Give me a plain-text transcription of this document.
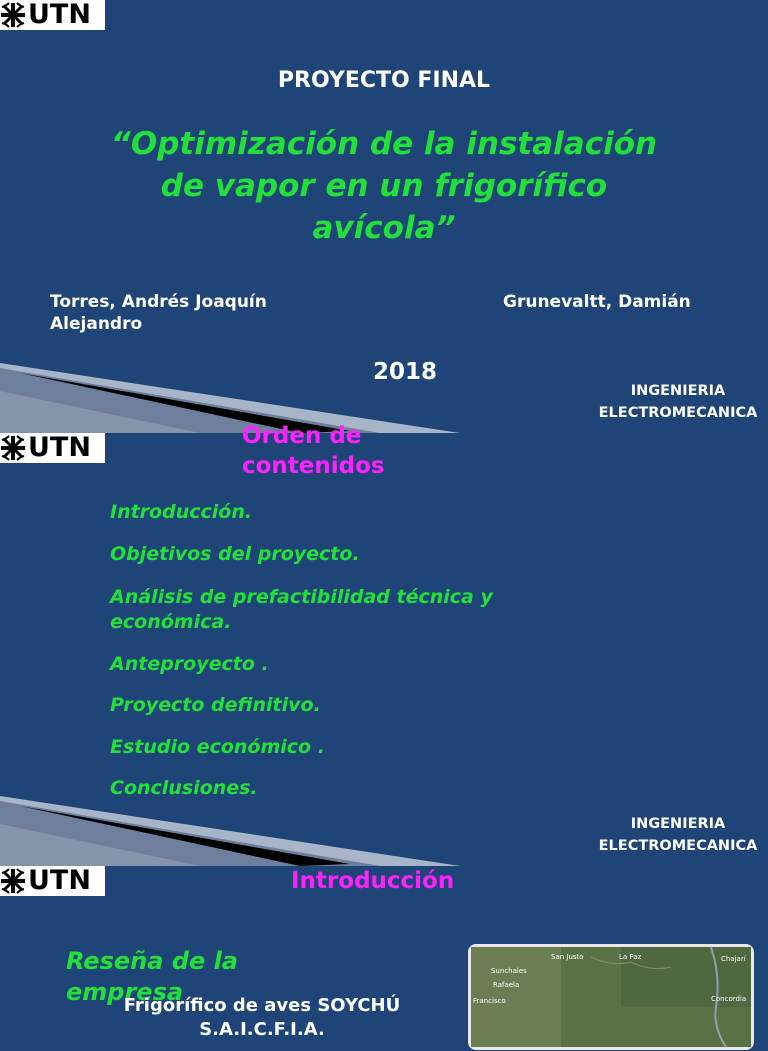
UTN
PROYECTO FINAL
“Optimización de la instalación de vapor en un frigorífico avícola”
Torres, Andrés Joaquín
Alejandro
Grunevaltt, Damián
2018
INGENIERIA
ELECTROMECANICA
Orden de
contenidos
UTN
Introducción.
Objetivos del proyecto.
Análisis de prefactibilidad técnica y económica.
Anteproyecto .
Proyecto definitivo.
Estudio económico .
Conclusiones.
INGENIERIA
ELECTROMECANICA
UTN	Introducción
Reseña de la empresa
Frigorífico de aves SOYCHÚ
S.A.I.C.F.I.A.
San Justo	La Paz	Chajarí
Sunchales
Rafaela
Concordia
Francisco
